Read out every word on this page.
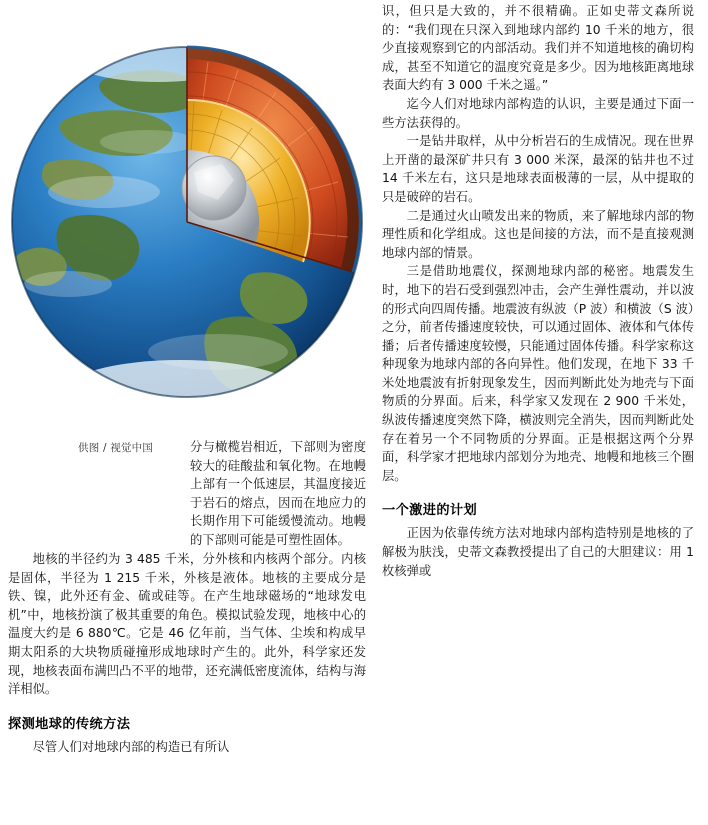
供图 / 视觉中国	分与橄榄岩相近，下部则为密度较大的硅酸盐和氧化物。在地幔上部有一个低速层，其温度接近于岩石的熔点，因而在地应力的长期作用下可能缓慢流动。地幔的下部则可能是可塑性固体。

地核的半径约为 3 485 千米，分外核和内核两个部分。内核是固体，半径为 1 215 千米，外核是液体。地核的主要成分是铁、镍，此外还有金、硫或硅等。在产生地球磁场的“地球发电机”中，地核扮演了极其重要的角色。模拟试验发现，地核中心的温度大约是 6 880℃。它是 46 亿年前，当气体、尘埃和构成早期太阳系的大块物质碰撞形成地球时产生的。此外，科学家还发现，地核表面布满凹凸不平的地带，还充满低密度流体，结构与海洋相似。

探测地球的传统方法

尽管人们对地球内部的构造已有所认

识，但只是大致的，并不很精确。正如史蒂文森所说的：“我们现在只深入到地球内部约 10 千米的地方，很少直接观察到它的内部活动。我们并不知道地核的确切构成，甚至不知道它的温度究竟是多少。因为地核距离地球表面大约有 3 000 千米之遥。”

迄今人们对地球内部构造的认识，主要是通过下面一些方法获得的。

一是钻井取样，从中分析岩石的生成情况。现在世界上开凿的最深矿井只有 3 000 米深，最深的钻井也不过 14 千米左右，这只是地球表面极薄的一层，从中提取的只是破碎的岩石。

二是通过火山喷发出来的物质，来了解地球内部的物理性质和化学组成。这也是间接的方法，而不是直接观测地球内部的情景。

三是借助地震仪，探测地球内部的秘密。地震发生时，地下的岩石受到强烈冲击，会产生弹性震动，并以波的形式向四周传播。地震波有纵波（P 波）和横波（S 波）之分，前者传播速度较快，可以通过固体、液体和气体传播；后者传播速度较慢，只能通过固体传播。科学家称这种现象为地球内部的各向异性。他们发现，在地下 33 千米处地震波有折射现象发生，因而判断此处为地壳与下面物质的分界面。后来，科学家又发现在 2 900 千米处，纵波传播速度突然下降，横波则完全消失，因而判断此处存在着另一个不同物质的分界面。正是根据这两个分界面，科学家才把地球内部划分为地壳、地幔和地核三个圈层。

一个激进的计划

正因为依靠传统方法对地球内部构造特别是地核的了解极为肤浅，史蒂文森教授提出了自己的大胆建议：用 1 枚核弹或
